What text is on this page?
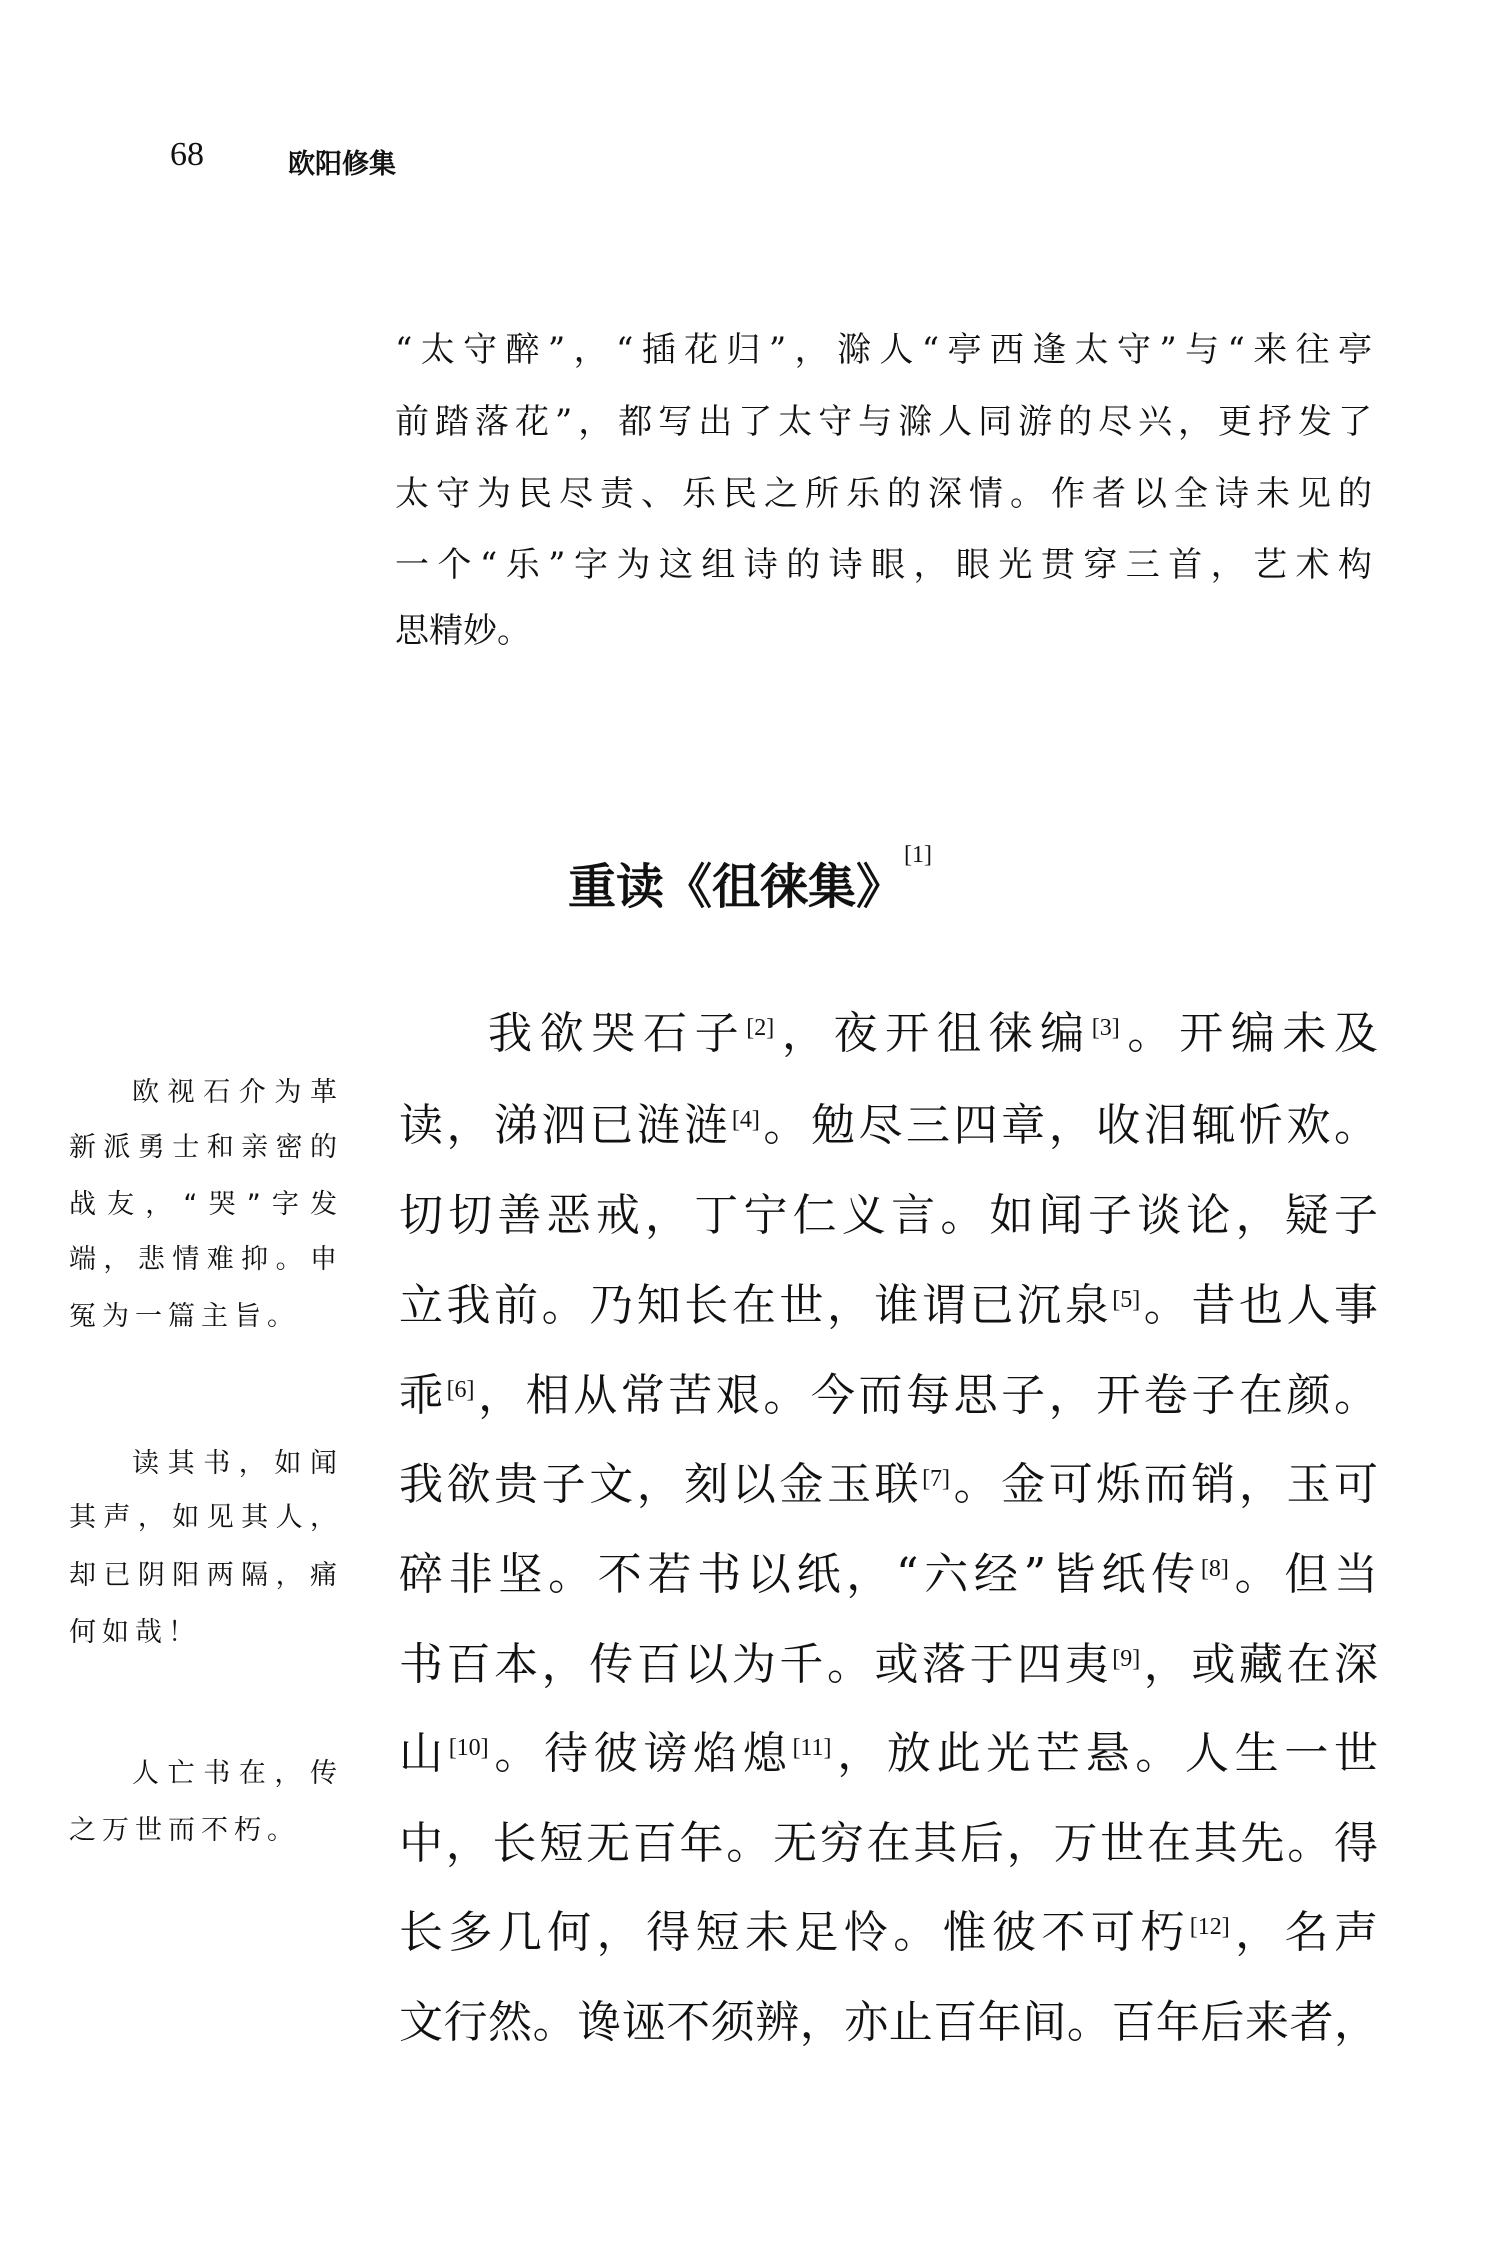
68	欧阳修集
“太守醉”，“插花归”，滁人“亭西逢太守”与“来往亭
前踏落花”，都写出了太守与滁人同游的尽兴，更抒发了
太守为民尽责、乐民之所乐的深情。作者以全诗未见的
一个“乐”字为这组诗的诗眼，眼光贯穿三首，艺术构
思精妙。
重读《徂徕集》[1]
我欲哭石子[2]，夜开徂徕编[3]。开编未及
读，涕泗已涟涟[4]。勉尽三四章，收泪辄忻欢。
切切善恶戒，丁宁仁义言。如闻子谈论，疑子
立我前。乃知长在世，谁谓已沉泉[5]。昔也人事
乖[6]，相从常苦艰。今而每思子，开卷子在颜。
我欲贵子文，刻以金玉联[7]。金可烁而销，玉可
碎非坚。不若书以纸，“六经”皆纸传[8]。但当
书百本，传百以为千。或落于四夷[9]，或藏在深
山[10]。待彼谤焰熄[11]，放此光芒悬。人生一世
中，长短无百年。无穷在其后，万世在其先。得
长多几何，得短未足怜。惟彼不可朽[12]，名声
文行然。谗诬不须辨，亦止百年间。百年后来者，
欧视石介为革
新派勇士和亲密的
战友，“哭”字发
端，悲情难抑。申
冤为一篇主旨。
读其书，如闻
其声，如见其人，
却已阴阳两隔，痛
何如哉！
人亡书在，传
之万世而不朽。
